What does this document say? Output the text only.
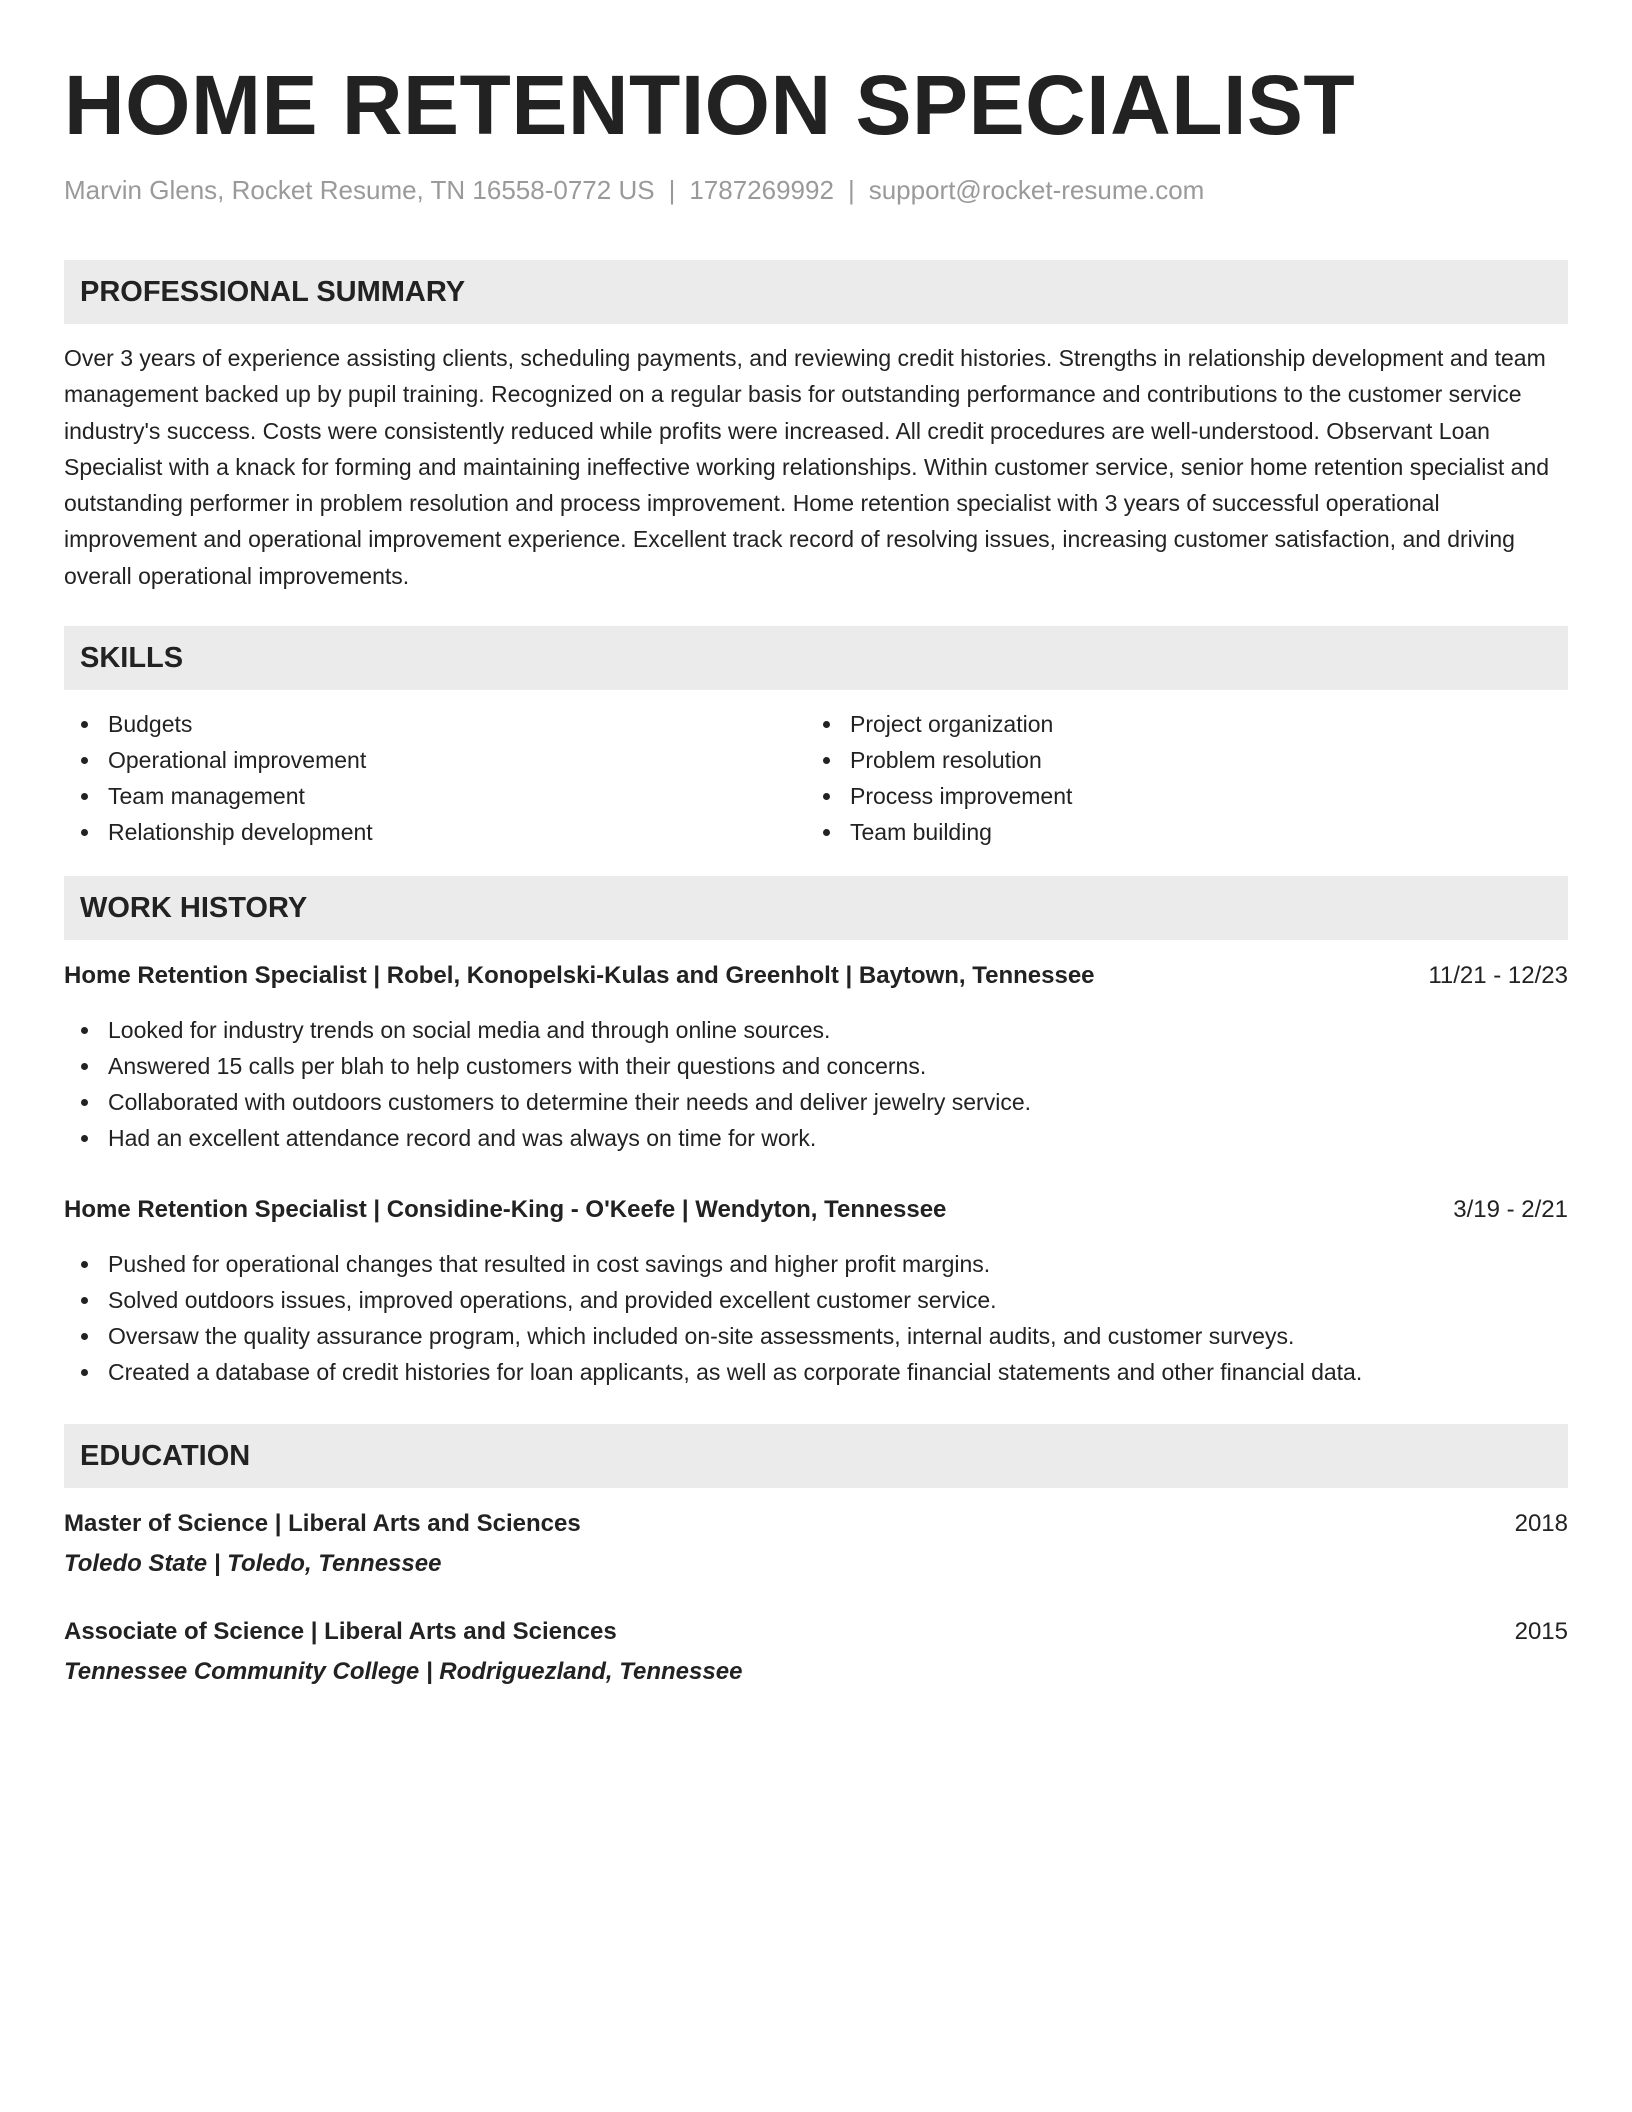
HOME RETENTION SPECIALIST
Marvin Glens, Rocket Resume, TN 16558-0772 US | 1787269992 | support@rocket-resume.com
PROFESSIONAL SUMMARY

Over 3 years of experience assisting clients, scheduling payments, and reviewing credit histories. Strengths in relationship development and team management backed up by pupil training. Recognized on a regular basis for outstanding performance and contributions to the customer service industry's success. Costs were consistently reduced while profits were increased. All credit procedures are well-understood. Observant Loan Specialist with a knack for forming and maintaining ineffective working relationships. Within customer service, senior home retention specialist and outstanding performer in problem resolution and process improvement. Home retention specialist with 3 years of successful operational improvement and operational improvement experience. Excellent track record of resolving issues, increasing customer satisfaction, and driving overall operational improvements.

SKILLS
Budgets
Operational improvement
Team management
Relationship development
Project organization
Problem resolution
Process improvement
Team building
WORK HISTORY
Home Retention Specialist | Robel, Konopelski-Kulas and Greenholt | Baytown, Tennessee	11/21 - 12/23
Looked for industry trends on social media and through online sources.
Answered 15 calls per blah to help customers with their questions and concerns.
Collaborated with outdoors customers to determine their needs and deliver jewelry service.
Had an excellent attendance record and was always on time for work.
Home Retention Specialist | Considine-King - O'Keefe | Wendyton, Tennessee	3/19 - 2/21
Pushed for operational changes that resulted in cost savings and higher profit margins.
Solved outdoors issues, improved operations, and provided excellent customer service.
Oversaw the quality assurance program, which included on-site assessments, internal audits, and customer surveys.
Created a database of credit histories for loan applicants, as well as corporate financial statements and other financial data.
EDUCATION
Master of Science | Liberal Arts and Sciences	2018
Toledo State | Toledo, Tennessee
Associate of Science | Liberal Arts and Sciences	2015
Tennessee Community College | Rodriguezland, Tennessee
